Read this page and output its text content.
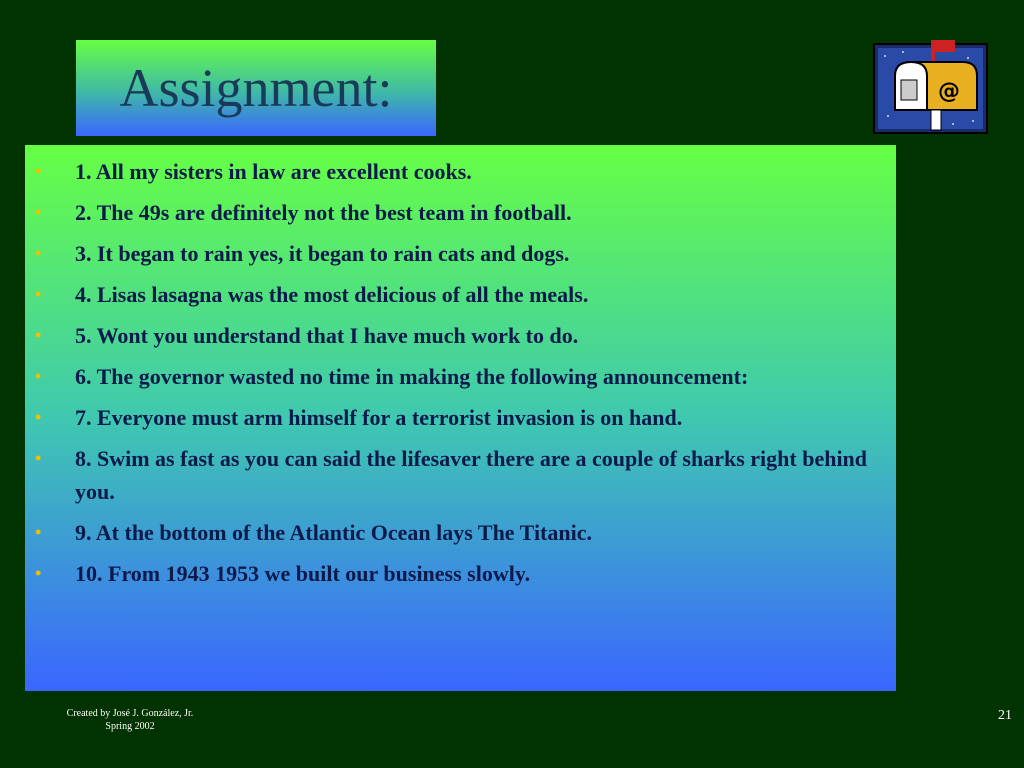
Assignment:	@
• 1. All my sisters in law are excellent cooks.
• 2. The 49s are definitely not the best team in football.
• 3. It began to rain yes, it began to rain cats and dogs.
• 4. Lisas lasagna was the most delicious of all the meals.
• 5. Wont you understand that I have much work to do.
• 6. The governor wasted no time in making the following announcement:
• 7. Everyone must arm himself for a terrorist invasion is on hand.
• 8. Swim as fast as you can said the lifesaver there are a couple of sharks right behind you.
• 9. At the bottom of the Atlantic Ocean lays The Titanic.
• 10. From 1943 1953 we built our business slowly.
Created by José J. González, Jr.
Spring 2002
21
